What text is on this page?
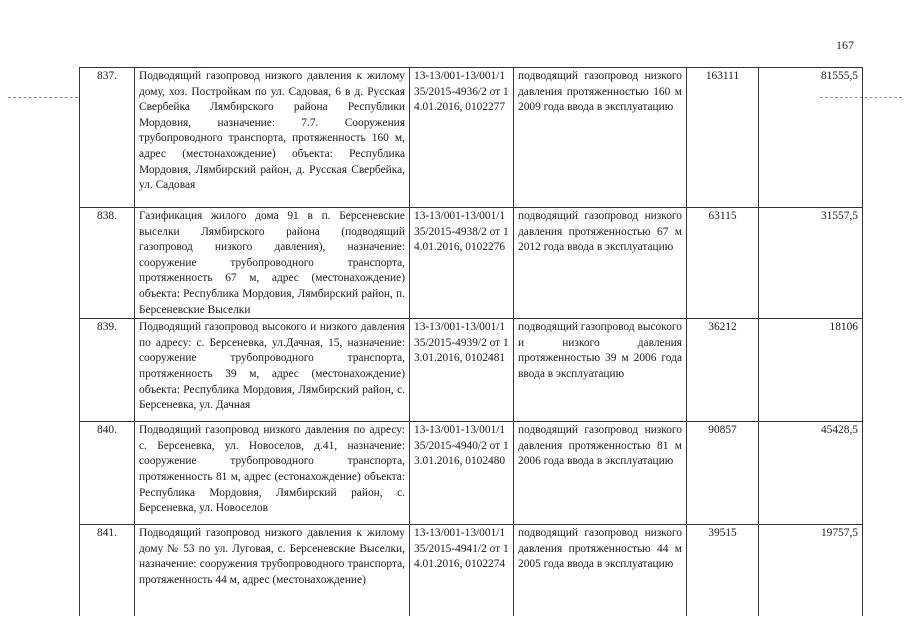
167
837.	Подводящий газопровод низкого давления к жилому дому, хоз. Постройкам по ул. Садовая, 6 в д. Русская Свербейка Лямбирского района Республики Мордовия, назначение: 7.7. Сооружения трубопроводного транспорта, протяженность 160 м, адрес (местонахождение) объекта: Республика Мордовия, Лямбирский район, д. Русская Свербейка, ул. Садовая	13-13/001-13/001/135/2015-4936/2 от 14.01.2016, 0102277	подводящий газопровод низкого давления протяженностью 160 м 2009 года ввода в эксплуатацию	163111	81555,5
838.	Газификация жилого дома 91 в п. Берсеневские выселки Лямбирского района (подводящий газопровод низкого давления), назначение: сооружение трубопроводного транспорта, протяженность 67 м, адрес (местонахождение) объекта: Республика Мордовия, Лямбирский район, п. Берсеневские Выселки	13-13/001-13/001/135/2015-4938/2 от 14.01.2016, 0102276	подводящий газопровод низкого давления протяженностью 67 м 2012 года ввода в эксплуатацию	63115	31557,5
839.	Подводящий газопровод высокого и низкого давления по адресу: с. Берсеневка, ул.Дачная, 15, назначение: сооружение трубопроводного транспорта, протяженность 39 м, адрес (местонахождение) объекта: Республика Мордовия, Лямбирский район, с. Берсеневка, ул. Дачная	13-13/001-13/001/135/2015-4939/2 от 13.01.2016, 0102481	подводящий газопровод высокого и низкого давления протяженностью 39 м 2006 года ввода в эксплуатацию	36212	18106
840.	Подводящий газопровод низкого давления по адресу: с. Берсеневка, ул. Новоселов, д.41, назначение: сооружение трубопроводного транспорта, протяженность 81 м, адрес (естонахождение) объекта: Республика Мордовия, Лямбирский район, с. Берсеневка, ул. Новоселов	13-13/001-13/001/135/2015-4940/2 от 13.01.2016, 0102480	подводящий газопровод низкого давления протяженностью 81 м 2006 года ввода в эксплуатацию	90857	45428,5
841.	Подводящий газопровод низкого давления к жилому дому № 53 по ул. Луговая, с. Берсеневские Выселки, назначение: сооружения трубопроводного транспорта, протяженность 44 м, адрес (местонахождение)	13-13/001-13/001/135/2015-4941/2 от 14.01.2016, 0102274	подводящий газопровод низкого давления протяженностью 44 м 2005 года ввода в эксплуатацию	39515	19757,5
